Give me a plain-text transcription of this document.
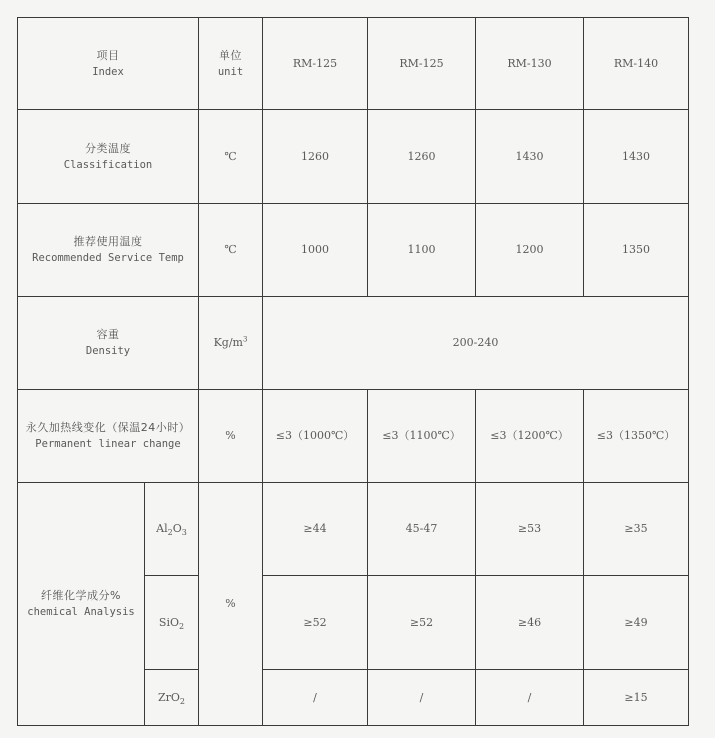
项目
Index		单位
unit	RM-125	RM-125	RM-130	RM-140

分类温度
Classification		℃	1260	1260	1430	1430

推荐使用温度
Recommended Service Temp		℃	1000	1100	1200	1350

容重
Density		$Kg/m^3$	200-240			

永久加热线变化（保温24小时）
Permanent linear change		%	≤3（1000℃）	≤3（1100℃）	≤3（1200℃）	≤3（1350℃）

纤维化学成分%
chemical Analysis	$Al_2O_3$	%	≥44	45-47	≥53	≥35
	SiO$_2$		≥52	≥52	≥46	≥49
	ZrO$_2$		/	/	/	≥15
